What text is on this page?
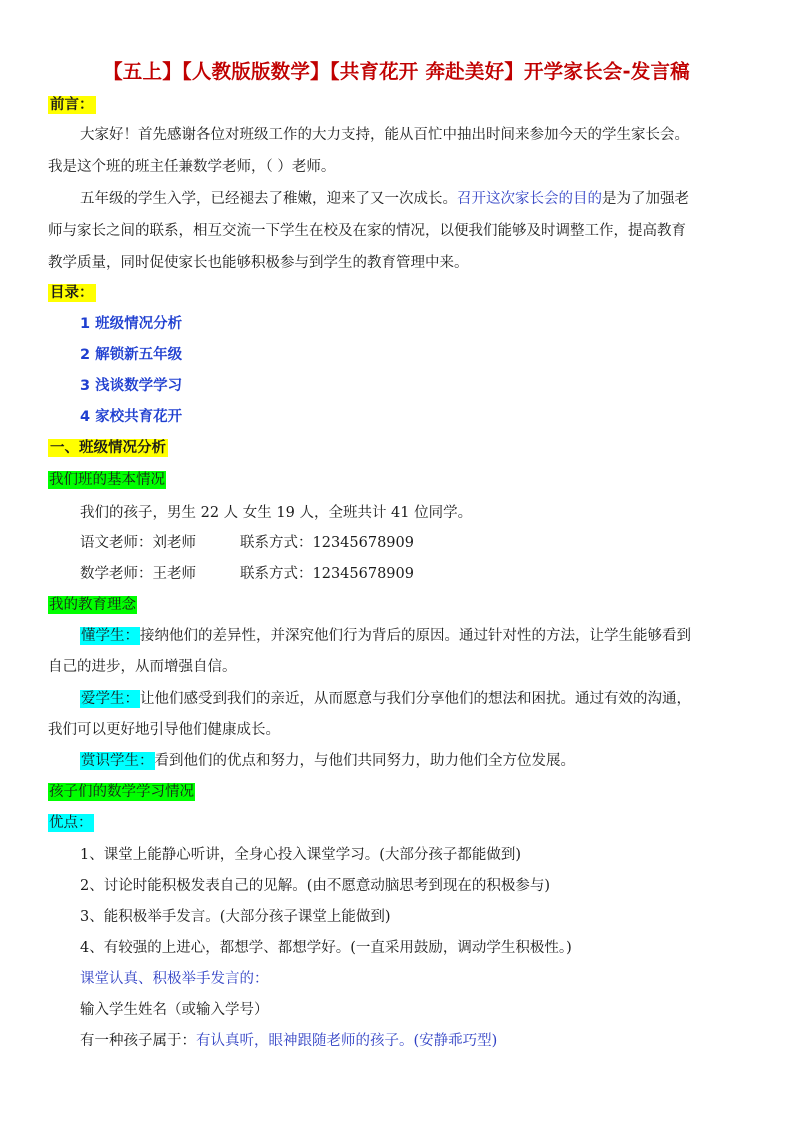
【五上】【人教版版数学】【共育花开 奔赴美好】开学家长会-发言稿
前言：
大家好！首先感谢各位对班级工作的大力支持，能从百忙中抽出时间来参加今天的学生家长会。
我是这个班的班主任兼数学老师，（ ）老师。
五年级的学生入学，已经褪去了稚嫩，迎来了又一次成长。召开这次家长会的目的是为了加强老
师与家长之间的联系，相互交流一下学生在校及在家的情况，以便我们能够及时调整工作，提高教育
教学质量，同时促使家长也能够积极参与到学生的教育管理中来。
目录：
1 班级情况分析
2 解锁新五年级
3 浅谈数学学习
4 家校共育花开
一、班级情况分析
我们班的基本情况
我们的孩子，男生 22 人 女生 19 人，全班共计 41 位同学。
语文老师：刘老师	联系方式：12345678909
数学老师：王老师	联系方式：12345678909
我的教育理念
懂学生：接纳他们的差异性，并深究他们行为背后的原因。通过针对性的方法，让学生能够看到
自己的进步，从而增强自信。
爱学生：让他们感受到我们的亲近，从而愿意与我们分享他们的想法和困扰。通过有效的沟通，
我们可以更好地引导他们健康成长。
赏识学生：看到他们的优点和努力，与他们共同努力，助力他们全方位发展。
孩子们的数学学习情况
优点：
1、课堂上能静心听讲，全身心投入课堂学习。(大部分孩子都能做到)
2、讨论时能积极发表自己的见解。(由不愿意动脑思考到现在的积极参与)
3、能积极举手发言。(大部分孩子课堂上能做到)
4、有较强的上进心，都想学、都想学好。(一直采用鼓励，调动学生积极性。)
课堂认真、积极举手发言的：
输入学生姓名（或输入学号）
有一种孩子属于：有认真听，眼神跟随老师的孩子。(安静乖巧型)
